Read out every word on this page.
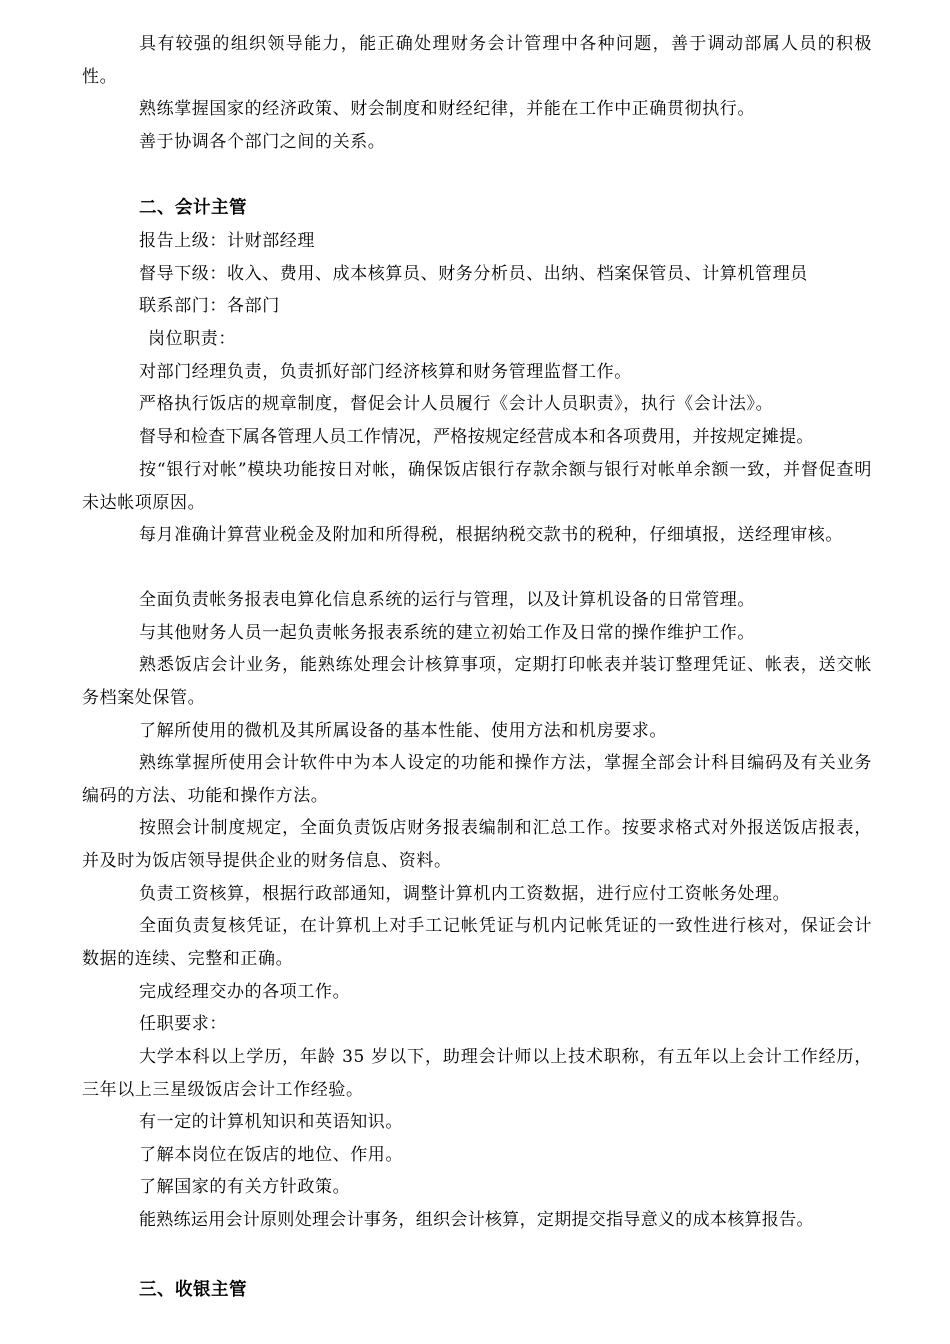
具有较强的组织领导能力，能正确处理财务会计管理中各种问题，善于调动部属人员的积极性。

熟练掌握国家的经济政策、财会制度和财经纪律，并能在工作中正确贯彻执行。

善于协调各个部门之间的关系。

二、会计主管

报告上级：计财部经理

督导下级：收入、费用、成本核算员、财务分析员、出纳、档案保管员、计算机管理员

联系部门：各部门

岗位职责：

对部门经理负责，负责抓好部门经济核算和财务管理监督工作。

严格执行饭店的规章制度，督促会计人员履行《会计人员职责》，执行《会计法》。

督导和检查下属各管理人员工作情况，严格按规定经营成本和各项费用，并按规定摊提。

按“银行对帐”模块功能按日对帐，确保饭店银行存款余额与银行对帐单余额一致，并督促查明未达帐项原因。

每月准确计算营业税金及附加和所得税，根据纳税交款书的税种，仔细填报，送经理审核。

全面负责帐务报表电算化信息系统的运行与管理，以及计算机设备的日常管理。

与其他财务人员一起负责帐务报表系统的建立初始工作及日常的操作维护工作。

熟悉饭店会计业务，能熟练处理会计核算事项，定期打印帐表并装订整理凭证、帐表，送交帐务档案处保管。

了解所使用的微机及其所属设备的基本性能、使用方法和机房要求。

熟练掌握所使用会计软件中为本人设定的功能和操作方法，掌握全部会计科目编码及有关业务编码的方法、功能和操作方法。

按照会计制度规定，全面负责饭店财务报表编制和汇总工作。按要求格式对外报送饭店报表，并及时为饭店领导提供企业的财务信息、资料。

负责工资核算，根据行政部通知，调整计算机内工资数据，进行应付工资帐务处理。

全面负责复核凭证，在计算机上对手工记帐凭证与机内记帐凭证的一致性进行核对，保证会计数据的连续、完整和正确。

完成经理交办的各项工作。

任职要求：

大学本科以上学历，年龄 35 岁以下，助理会计师以上技术职称，有五年以上会计工作经历，三年以上三星级饭店会计工作经验。

有一定的计算机知识和英语知识。

了解本岗位在饭店的地位、作用。

了解国家的有关方针政策。

能熟练运用会计原则处理会计事务，组织会计核算，定期提交指导意义的成本核算报告。

三、收银主管
